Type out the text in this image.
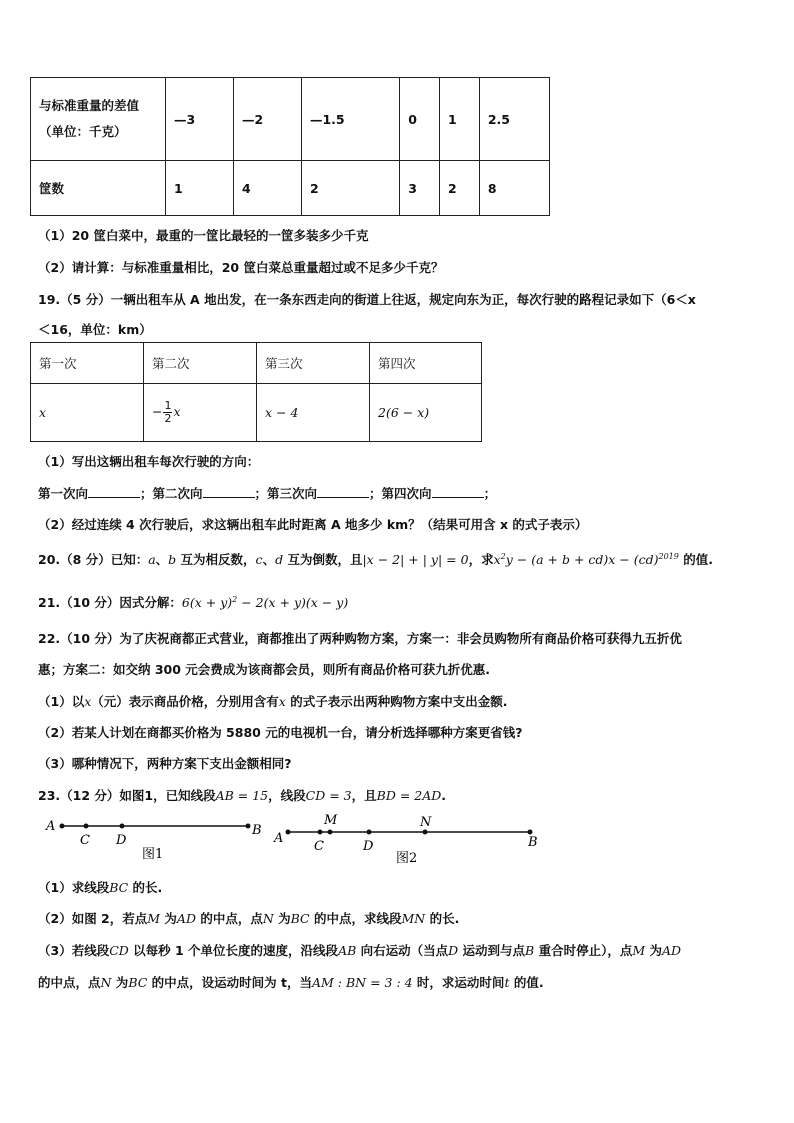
与标准重量的差值
（单位：千克）	—3	—2	—1.5	0	1	2.5
筐数	1	4	2	3	2	8
（1）20 筐白菜中，最重的一筐比最轻的一筐多装多少千克
（2）请计算：与标准重量相比，20 筐白菜总重量超过或不足多少千克？
19.（5 分）一辆出租车从 A 地出发，在一条东西走向的街道上往返，规定向东为正，每次行驶的路程记录如下（6＜x
＜16，单位：km）
第一次	第二次	第三次	第四次
x	− $\frac{1}{2}$ x	x − 4	2(6 − x)
（1）写出这辆出租车每次行驶的方向：
第一次向	；第二次向	；第三次向	；第四次向	；
（2）经过连续 4 次行驶后，求这辆出租车此时距离 A 地多少 km？（结果可用含 x 的式子表示）
20.（8 分）已知：a、b 互为相反数，c、d 互为倒数，且|x − 2| + | y| = 0，求$x^2y - (a + b + cd)x - (cd)^{2019}$ 的值.
21.（10 分）因式分解：$6(x + y)^2 - 2(x + y)(x - y)$
22.（10 分）为了庆祝商都正式营业，商都推出了两种购物方案，方案一：非会员购物所有商品价格可获得九五折优
惠；方案二：如交纳 300 元会费成为该商都会员，则所有商品价格可获九折优惠.
（1）以x（元）表示商品价格，分别用含有x 的式子表示出两种购物方案中支出金额.
（2）若某人计划在商都买价格为 5880 元的电视机一台，请分析选择哪种方案更省钱?
（3）哪种情况下，两种方案下支出金额相同?
23.（12 分）如图1，已知线段AB = 15，线段CD = 3，且BD = 2AD.
A
C D
B
图1
A
M
C	D
N
B
图2
（1）求线段BC 的长.
（2）如图 2，若点M 为AD 的中点，点N 为BC 的中点，求线段MN 的长.
（3）若线段CD 以每秒 1 个单位长度的速度，沿线段AB 向右运动（当点D 运动到与点B 重合时停止），点M 为AD
的中点，点N 为BC 的中点，设运动时间为 t，当AM : BN = 3 : 4 时，求运动时间t 的值.
